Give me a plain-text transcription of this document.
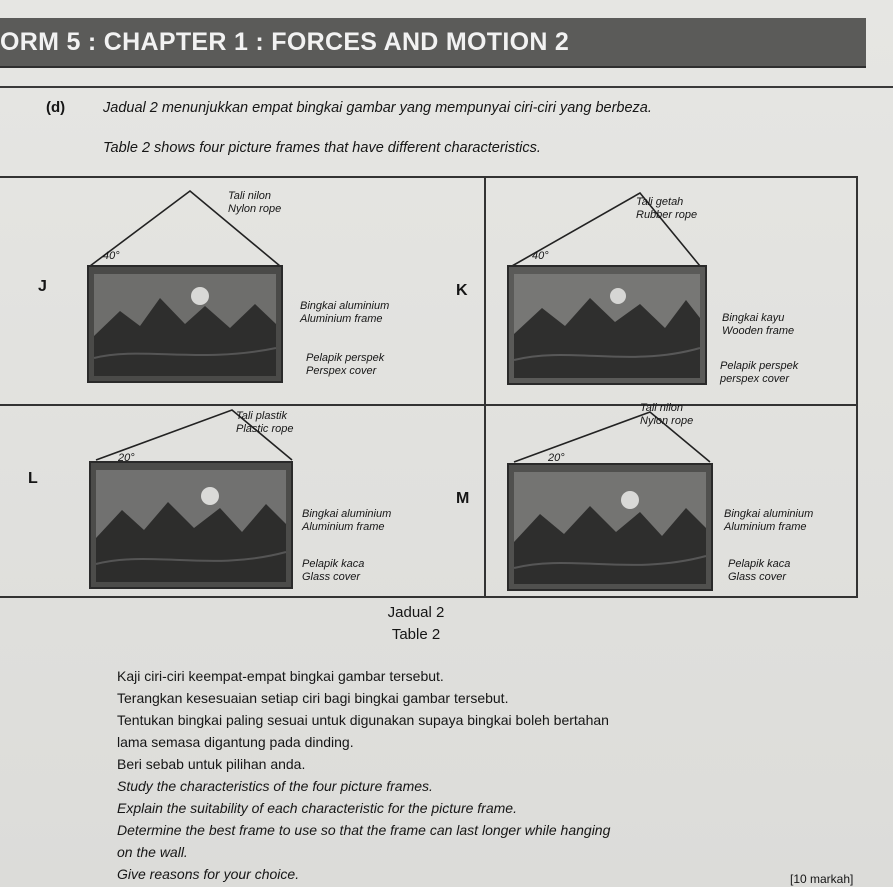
ORM 5 : CHAPTER 1 : FORCES AND MOTION 2
(d)	Jadual 2 menunjukkan empat bingkai gambar yang mempunyai ciri-ciri yang berbeza.
Table 2 shows four picture frames that have different characteristics.
J
40°
Tali nilon
Nylon rope
Bingkai aluminium
Aluminium frame
Pelapik perspek
Perspex cover
K
40°
Tali getah
Rubber rope
Bingkai kayu
Wooden frame
Pelapik perspek
perspex cover
L
20°
Tali plastik
Plastic rope
Bingkai aluminium
Aluminium frame
Pelapik kaca
Glass cover
M
20°
Tali nilon
Nylon rope
Bingkai aluminium
Aluminium frame
Pelapik kaca
Glass cover
Jadual 2
Table 2
Kaji ciri-ciri keempat-empat bingkai gambar tersebut.
Terangkan kesesuaian setiap ciri bagi bingkai gambar tersebut.
Tentukan bingkai paling sesuai untuk digunakan supaya bingkai boleh bertahan
lama semasa digantung pada dinding.
Beri sebab untuk pilihan anda.
Study the characteristics of the four picture frames.
Explain the suitability of each characteristic for the picture frame.
Determine the best frame to use so that the frame can last longer while hanging
on the wall.
Give reasons for your choice.	[10 markah]
